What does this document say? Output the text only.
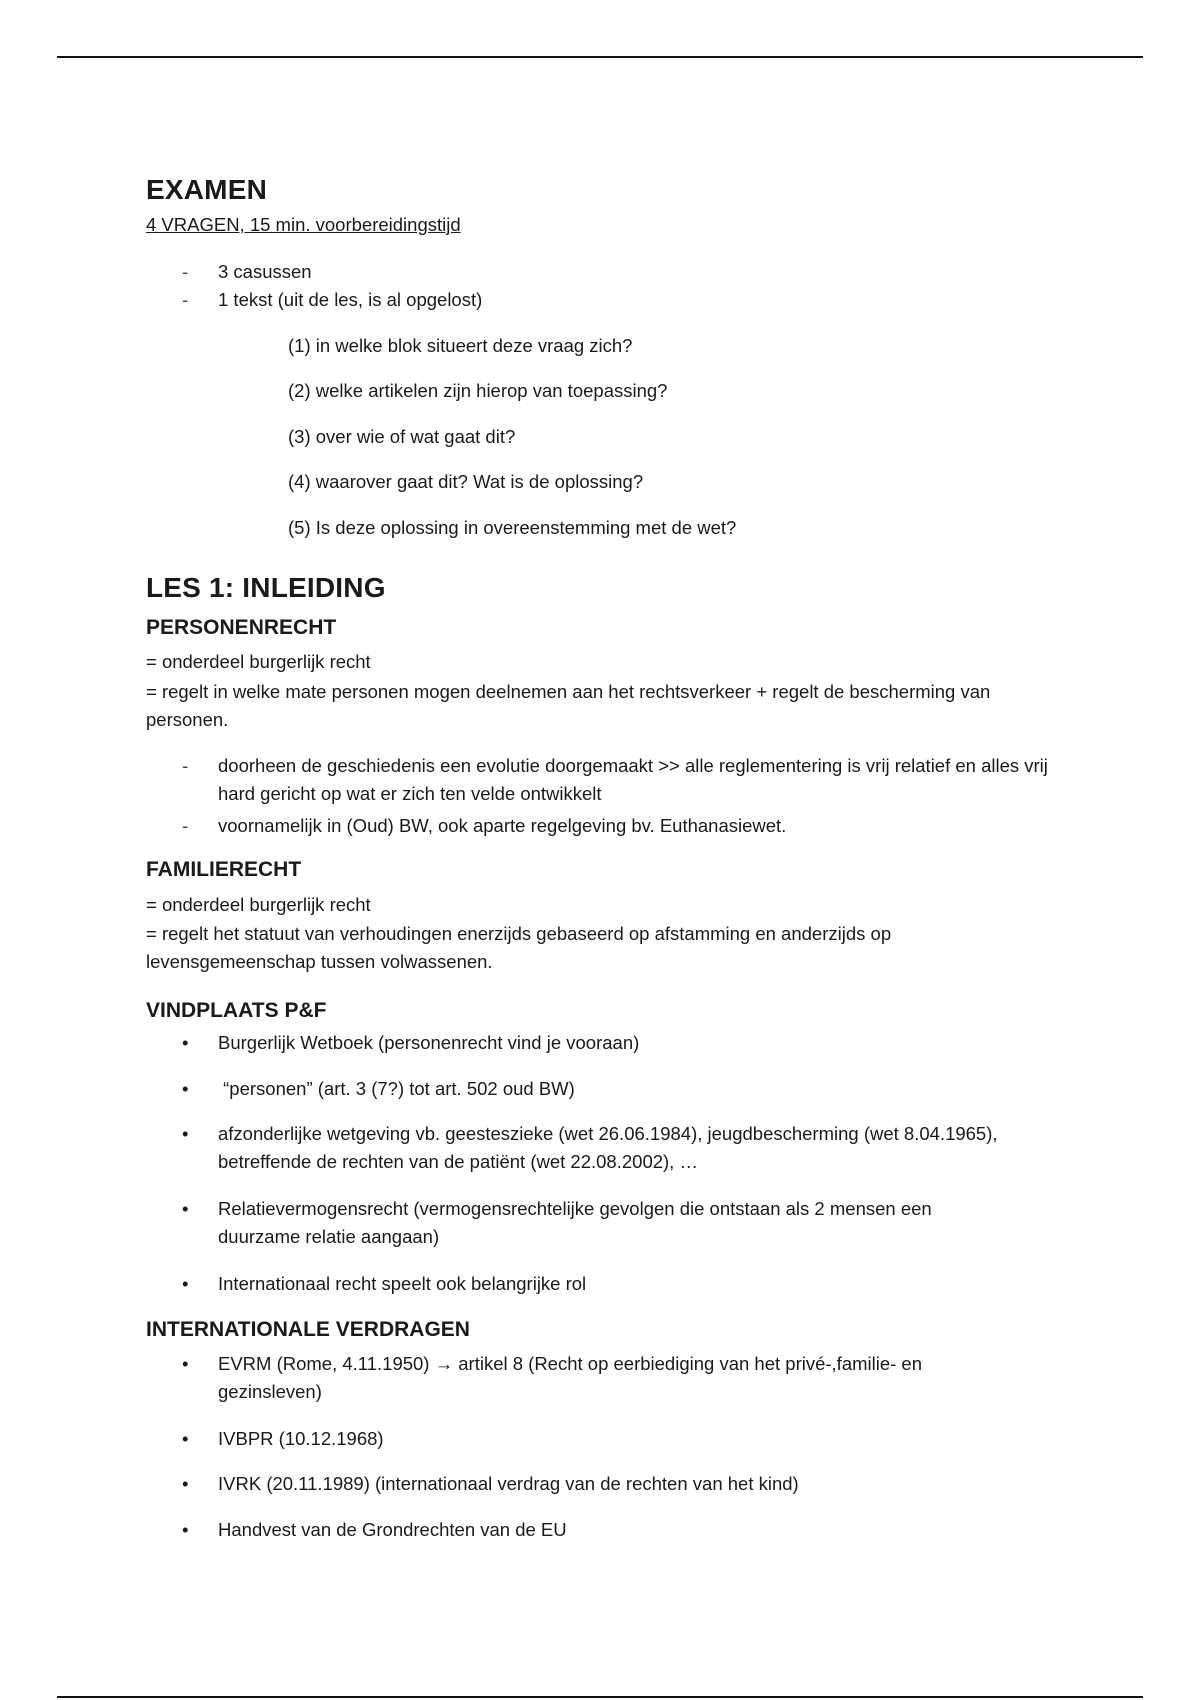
EXAMEN
4 VRAGEN, 15 min. voorbereidingstijd
- 3 casussen
- 1 tekst (uit de les, is al opgelost)
(1) in welke blok situeert deze vraag zich?
(2) welke artikelen zijn hierop van toepassing?
(3) over wie of wat gaat dit?
(4) waarover gaat dit? Wat is de oplossing?
(5) Is deze oplossing in overeenstemming met de wet?
LES 1: INLEIDING
PERSONENRECHT
= onderdeel burgerlijk recht
= regelt in welke mate personen mogen deelnemen aan het rechtsverkeer + regelt de bescherming van personen.
- doorheen de geschiedenis een evolutie doorgemaakt >> alle reglementering is vrij relatief en alles vrij hard gericht op wat er zich ten velde ontwikkelt
- voornamelijk in (Oud) BW, ook aparte regelgeving bv. Euthanasiewet.
FAMILIERECHT
= onderdeel burgerlijk recht
= regelt het statuut van verhoudingen enerzijds gebaseerd op afstamming en anderzijds op levensgemeenschap tussen volwassenen.
VINDPLAATS P&F
• Burgerlijk Wetboek (personenrecht vind je vooraan)
•  “personen” (art. 3 (7?) tot art. 502 oud BW)
• afzonderlijke wetgeving vb. geesteszieke (wet 26.06.1984), jeugdbescherming (wet 8.04.1965), betreffende de rechten van de patiënt (wet 22.08.2002), …
• Relatievermogensrecht (vermogensrechtelijke gevolgen die ontstaan als 2 mensen een duurzame relatie aangaan)
• Internationaal recht speelt ook belangrijke rol
INTERNATIONALE VERDRAGEN
• EVRM (Rome, 4.11.1950) → artikel 8 (Recht op eerbiediging van het privé-,familie- en gezinsleven)
• IVBPR (10.12.1968)
• IVRK (20.11.1989) (internationaal verdrag van de rechten van het kind)
• Handvest van de Grondrechten van de EU
